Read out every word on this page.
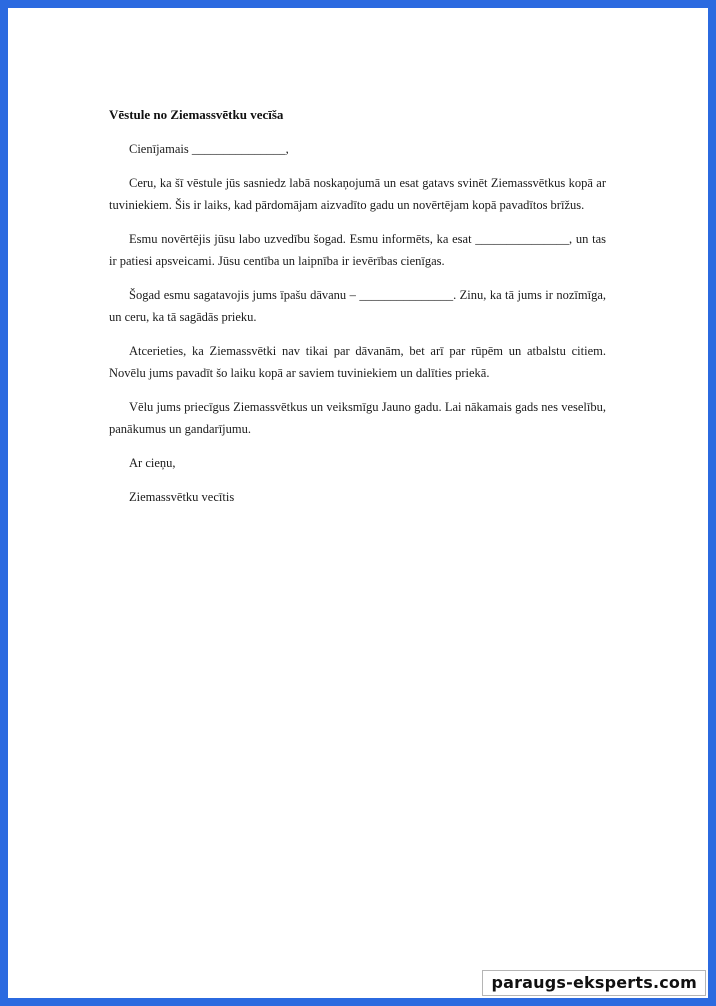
Vēstule no Ziemassvētku vecīša

Cienījamais _______________,

Ceru, ka šī vēstule jūs sasniedz labā noskaņojumā un esat gatavs svinēt Ziemassvētkus kopā ar tuviniekiem. Šis ir laiks, kad pārdomājam aizvadīto gadu un novērtējam kopā pavadītos brīžus.

Esmu novērtējis jūsu labo uzvedību šogad. Esmu informēts, ka esat _______________, un tas ir patiesi apsveicami. Jūsu centība un laipnība ir ievērības cienīgas.

Šogad esmu sagatavojis jums īpašu dāvanu – _______________. Zinu, ka tā jums ir nozīmīga, un ceru, ka tā sagādās prieku.

Atcerieties, ka Ziemassvētki nav tikai par dāvanām, bet arī par rūpēm un atbalstu citiem. Novēlu jums pavadīt šo laiku kopā ar saviem tuviniekiem un dalīties priekā.

Vēlu jums priecīgus Ziemassvētkus un veiksmīgu Jauno gadu. Lai nākamais gads nes veselību, panākumus un gandarījumu.

Ar cieņu,

Ziemassvētku vecītis

paraugs-eksperts.com
